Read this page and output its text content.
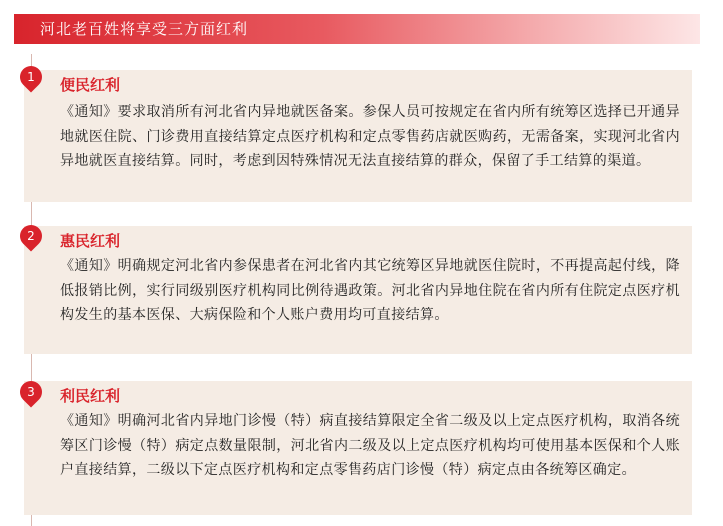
河北老百姓将享受三方面红利
便民红利
《通知》要求取消所有河北省内异地就医备案。参保人员可按规定在省内所有统筹区选择已开通异地就医住院、门诊费用直接结算定点医疗机构和定点零售药店就医购药，无需备案，实现河北省内异地就医直接结算。同时，考虑到因特殊情况无法直接结算的群众，保留了手工结算的渠道。
惠民红利
《通知》明确规定河北省内参保患者在河北省内其它统筹区异地就医住院时，不再提高起付线，降低报销比例，实行同级别医疗机构同比例待遇政策。河北省内异地住院在省内所有住院定点医疗机构发生的基本医保、大病保险和个人账户费用均可直接结算。
利民红利
《通知》明确河北省内异地门诊慢（特）病直接结算限定全省二级及以上定点医疗机构，取消各统筹区门诊慢（特）病定点数量限制，河北省内二级及以上定点医疗机构均可使用基本医保和个人账户直接结算，二级以下定点医疗机构和定点零售药店门诊慢（特）病定点由各统筹区确定。
1
2
3
